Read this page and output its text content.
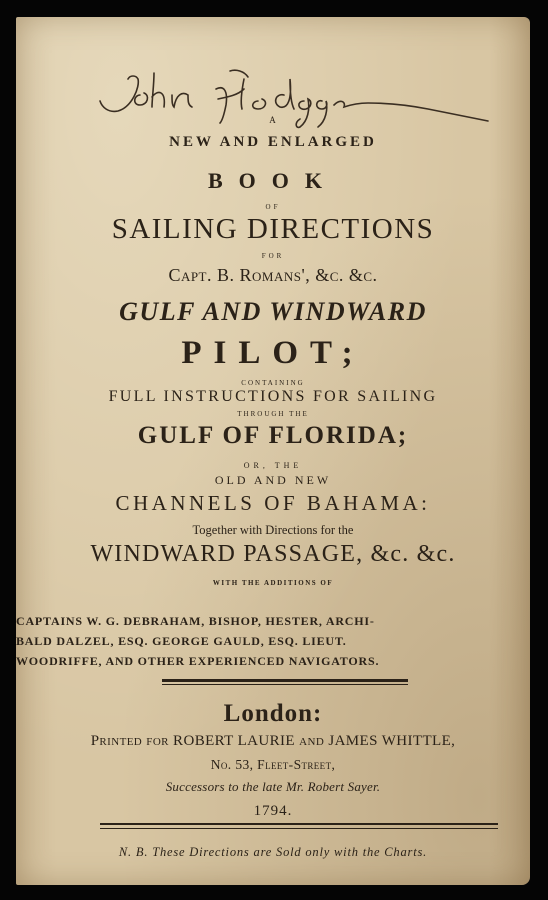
A
NEW AND ENLARGED
BOOK
OF
SAILING DIRECTIONS
FOR
Capt. B. Romans', &c. &c.
GULF AND WINDWARD
PILOT;
CONTAINING
FULL INSTRUCTIONS FOR SAILING
THROUGH THE
GULF OF FLORIDA;
OR, THE
OLD AND NEW
CHANNELS OF BAHAMA:
Together with Directions for the
WINDWARD PASSAGE, &c. &c.
WITH THE ADDITIONS OF
CAPTAINS W. G. DEBRAHAM, BISHOP, HESTER, ARCHI-
BALD DALZEL, ESQ. GEORGE GAULD, ESQ. LIEUT.
WOODRIFFE, AND OTHER EXPERIENCED NAVIGATORS.
London:
Printed for ROBERT LAURIE and JAMES WHITTLE,
No. 53, Fleet-Street,
Successors to the late Mr. Robert Sayer.
1794.
N. B. These Directions are Sold only with the Charts.
